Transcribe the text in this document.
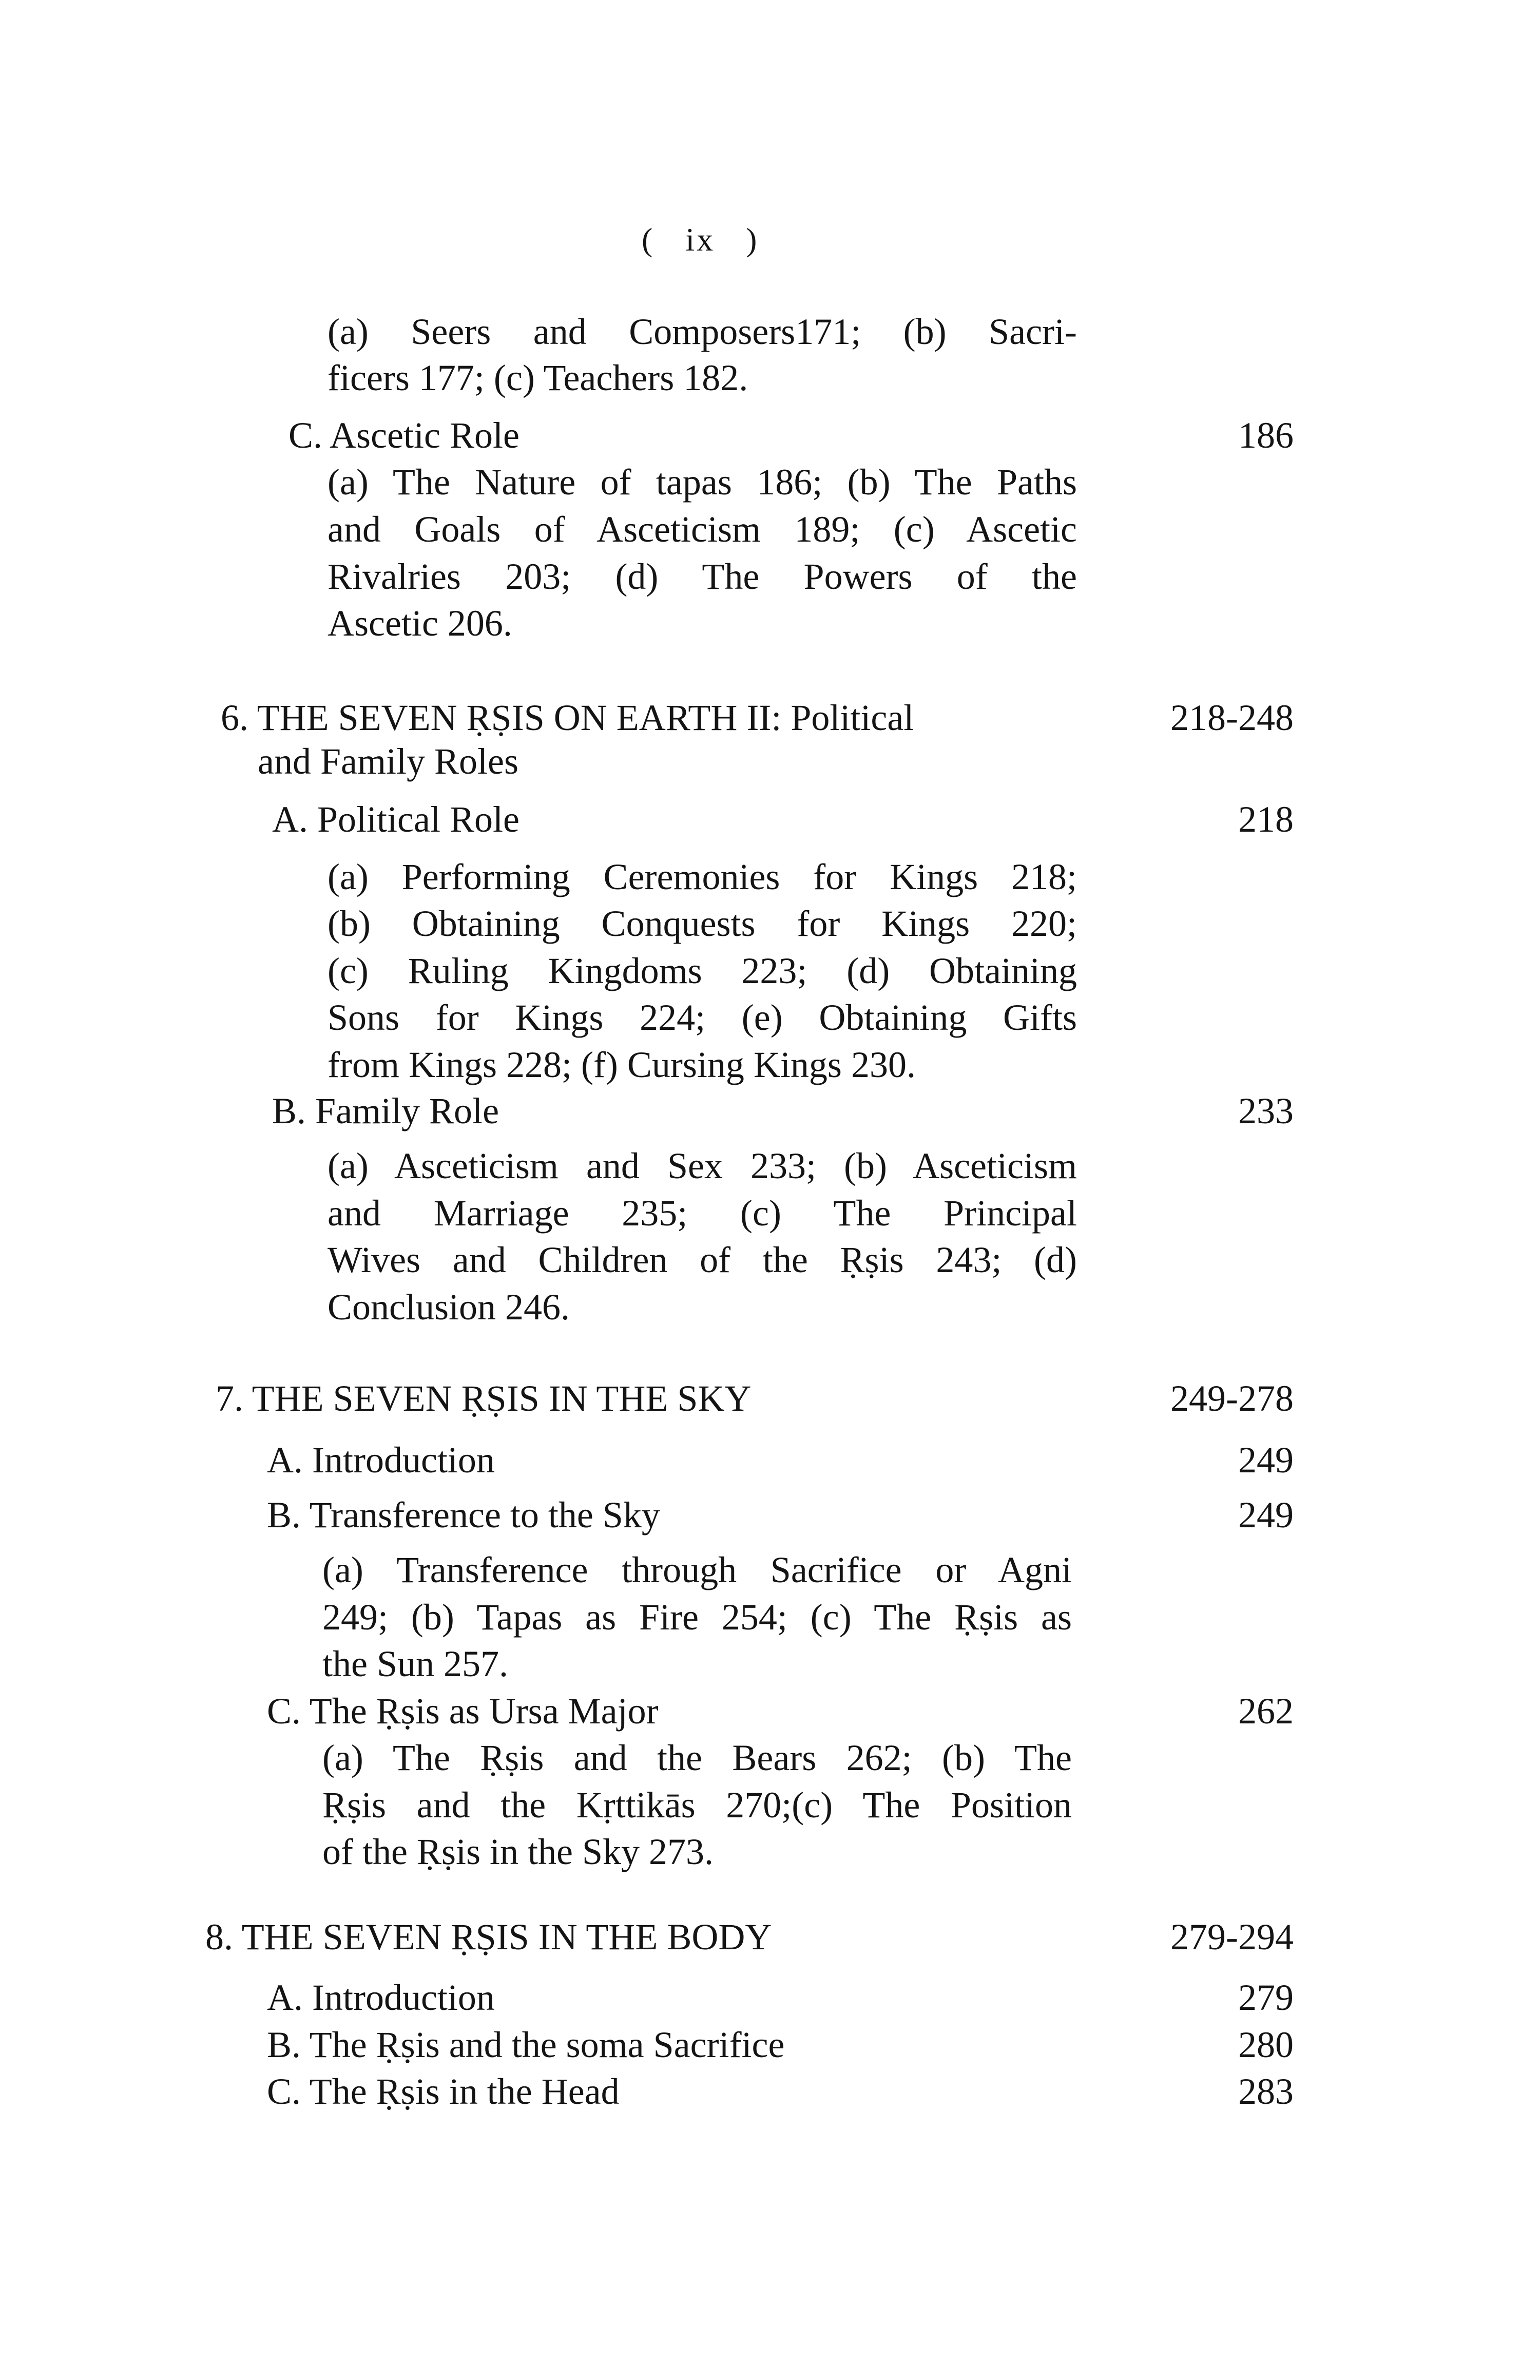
(   ix   )
(a) Seers and Composers171; (b) Sacri-
ficers 177; (c) Teachers 182.
C. Ascetic Role	186
(a) The Nature of tapas 186; (b) The Paths
and Goals of Asceticism 189; (c) Ascetic
Rivalries 203; (d) The Powers of the
Ascetic 206.
6. THE SEVEN ṚṢIS ON EARTH II: Political	218-248
and Family Roles
A. Political Role	218
(a) Performing Ceremonies for Kings 218;
(b) Obtaining Conquests for Kings 220;
(c) Ruling Kingdoms 223; (d) Obtaining
Sons for Kings 224; (e) Obtaining Gifts
from Kings 228; (f) Cursing Kings 230.
B. Family Role	233
(a) Asceticism and Sex 233; (b) Asceticism
and Marriage 235; (c) The Principal
Wives and Children of the Ṛṣis 243; (d)
Conclusion 246.
7. THE SEVEN ṚṢIS IN THE SKY	249-278
A. Introduction	249
B. Transference to the Sky	249
(a) Transference through Sacrifice or Agni
249; (b) Tapas as Fire 254; (c) The Ṛṣis as
the Sun 257.
C. The Ṛṣis as Ursa Major	262
(a) The Ṛṣis and the Bears 262; (b) The
Ṛṣis and the Kṛttikās 270;(c) The Position
of the Ṛṣis in the Sky 273.
8. THE SEVEN ṚṢIS IN THE BODY	279-294
A. Introduction	279
B. The Ṛṣis and the soma Sacrifice	280
C. The Ṛṣis in the Head	283
